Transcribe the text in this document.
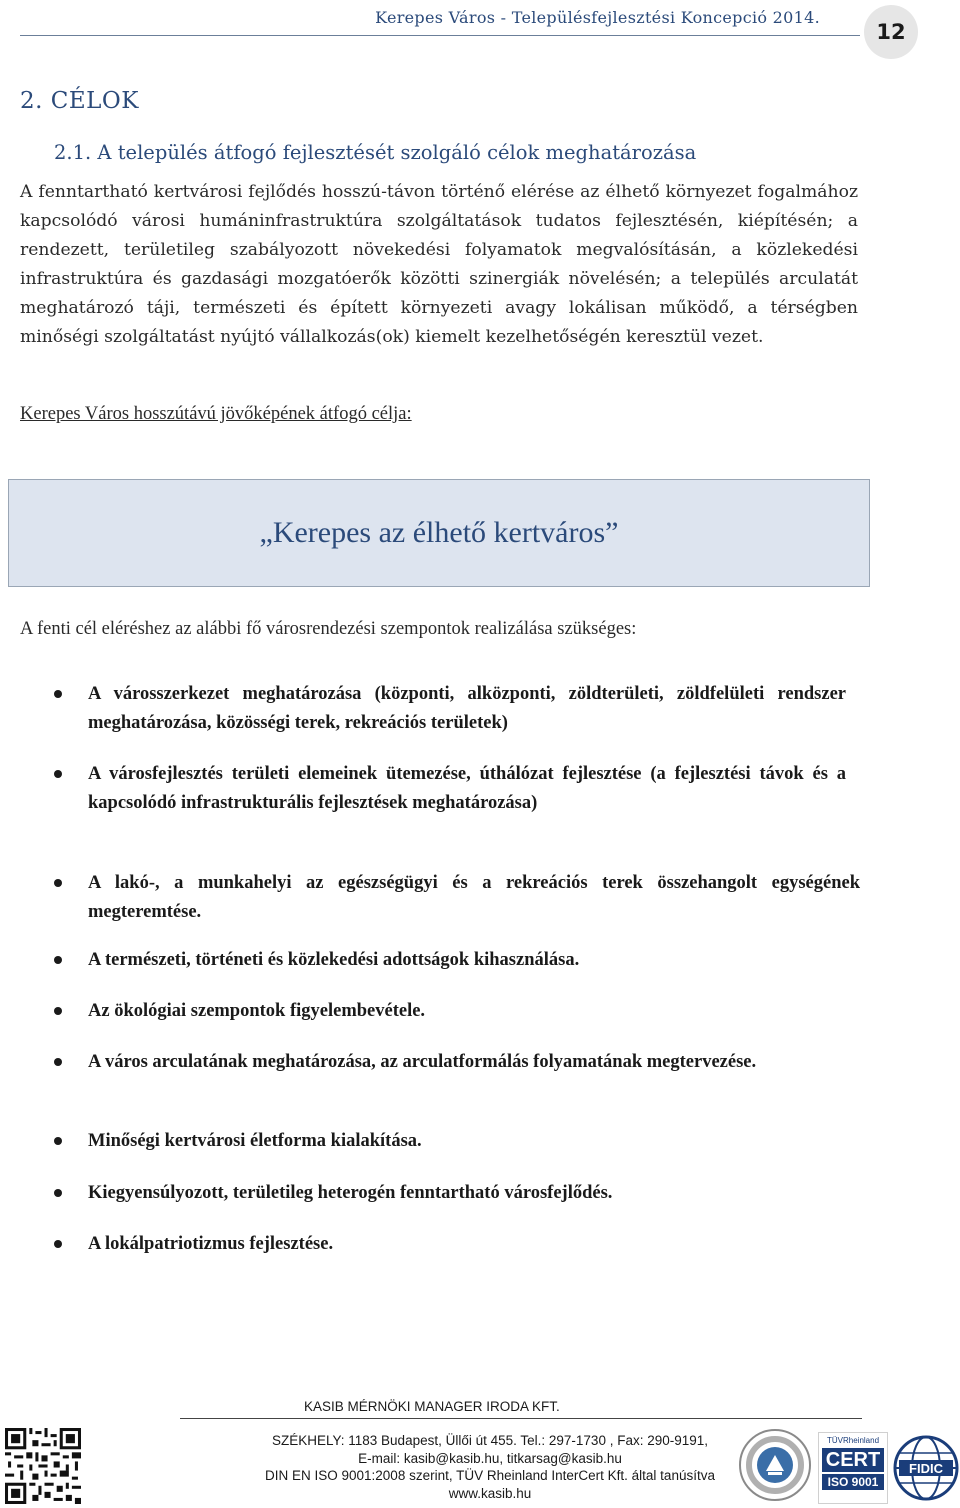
Kerepes Város - Településfejlesztési Koncepció 2014.
12
2. CÉLOK
2.1. A település átfogó fejlesztését szolgáló célok meghatározása
A fenntartható kertvárosi fejlődés hosszú-távon történő elérése az élhető környezet fogalmához kapcsolódó városi humáninfrastruktúra szolgáltatások tudatos fejlesztésén, kiépítésén; a rendezett, területileg szabályozott növekedési folyamatok megvalósításán, a közlekedési infrastruktúra és gazdasági mozgatóerők közötti szinergiák növelésén; a település arculatát meghatározó táji, természeti és épített környezeti avagy lokálisan működő, a térségben minőségi szolgáltatást nyújtó vállalkozás(ok) kiemelt kezelhetőségén keresztül vezet.
Kerepes Város hosszútávú jövőképének átfogó célja:
„Kerepes az élhető kertváros”
A fenti cél eléréshez az alábbi fő városrendezési szempontok realizálása szükséges:
A városszerkezet meghatározása (központi, alközponti, zöldterületi, zöldfelületi rendszer meghatározása, közösségi terek, rekreációs területek)
A városfejlesztés területi elemeinek ütemezése, úthálózat fejlesztése (a fejlesztési távok és a kapcsolódó infrastrukturális fejlesztések meghatározása)
A lakó-, a munkahelyi az egészségügyi és a rekreációs terek összehangolt egységének megteremtése.
A természeti, történeti és közlekedési adottságok kihasználása.
Az ökológiai szempontok figyelembevétele.
A város arculatának meghatározása, az arculatformálás folyamatának megtervezése.
Minőségi kertvárosi életforma kialakítása.
Kiegyensúlyozott, területileg heterogén fenntartható városfejlődés.
A lokálpatriotizmus fejlesztése.
KASIB MÉRNÖKI MANAGER IRODA KFT.
SZÉKHELY: 1183 Budapest, Üllői út 455. Tel.: 297-1730 , Fax: 290-9191,
E-mail: kasib@kasib.hu, titkarsag@kasib.hu
DIN EN ISO 9001:2008 szerint, TÜV Rheinland InterCert Kft. által tanúsítva
www.kasib.hu
TÜVRheinland
CERT
ISO 9001
FIDIC
